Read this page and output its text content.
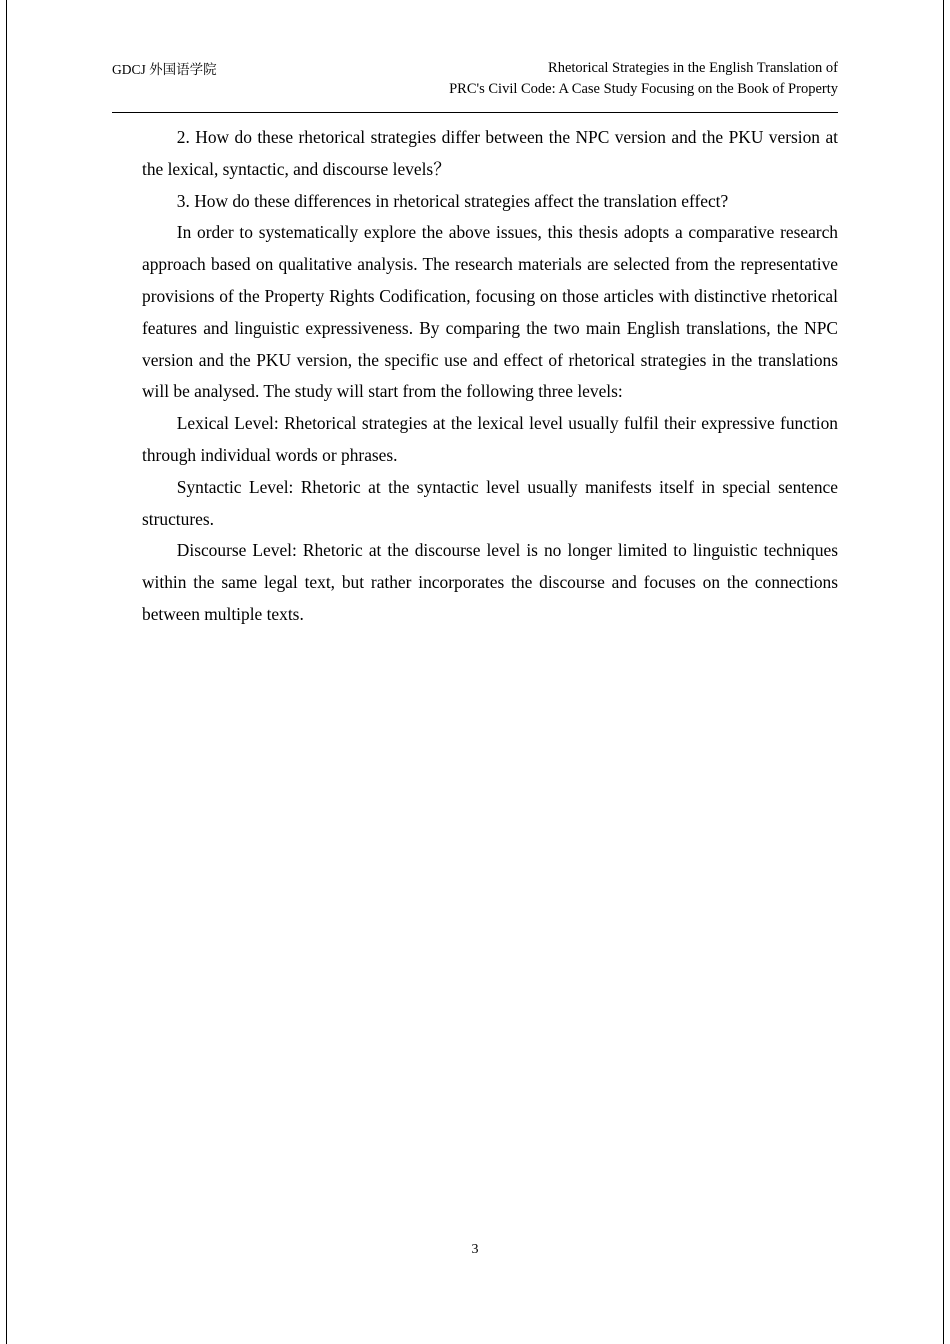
GDCJ 外国语学院	Rhetorical Strategies in the English Translation of
PRC's Civil Code: A Case Study Focusing on the Book of Property

2. How do these rhetorical strategies differ between the NPC version and the PKU version at the lexical, syntactic, and discourse levels？

3. How do these differences in rhetorical strategies affect the translation effect?

In order to systematically explore the above issues, this thesis adopts a comparative research approach based on qualitative analysis. The research materials are selected from the representative provisions of the Property Rights Codification, focusing on those articles with distinctive rhetorical features and linguistic expressiveness. By comparing the two main English translations, the NPC version and the PKU version, the specific use and effect of rhetorical strategies in the translations will be analysed. The study will start from the following three levels:

Lexical Level: Rhetorical strategies at the lexical level usually fulfil their expressive function through individual words or phrases.

Syntactic Level: Rhetoric at the syntactic level usually manifests itself in special sentence structures.

Discourse Level: Rhetoric at the discourse level is no longer limited to linguistic techniques within the same legal text, but rather incorporates the discourse and focuses on the connections between multiple texts.

3
